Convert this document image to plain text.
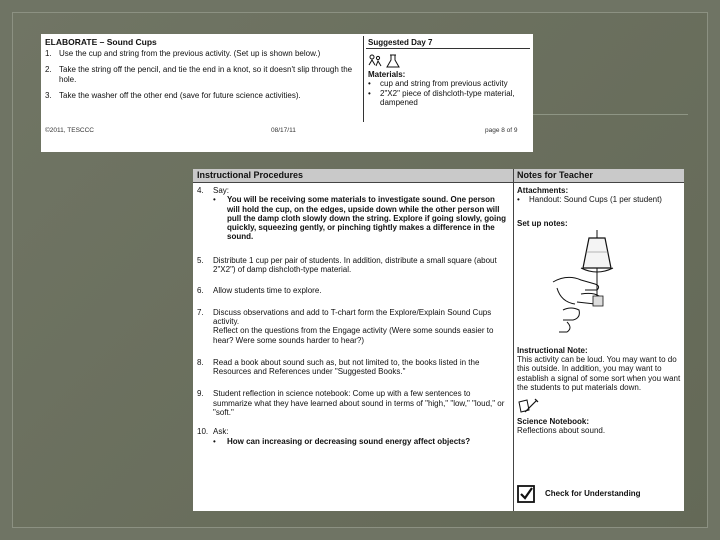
ELABORATE – Sound Cups
1. Use the cup and string from the previous activity. (Set up is shown below.)
2. Take the string off the pencil, and tie the end in a knot, so it doesn't slip through the hole.
3. Take the washer off the other end (save for future science activities).
Suggested Day 7
Materials:
•	cup and string from previous activity
•	2"X2" piece of dishcloth-type material, dampened
©2011, TESCCC	08/17/11	page 8 of 9
Instructional Procedures	Notes for Teacher
4.	Say:
•	You will be receiving some materials to investigate sound. One person will hold the cup, on the edges, upside down while the other person will pull the damp cloth slowly down the string. Explore if going slowly, going quickly, squeezing gently, or pinching tightly makes a difference in the sound.
5.	Distribute 1 cup per pair of students. In addition, distribute a small square (about 2"X2") of damp dishcloth-type material.
6.	Allow students time to explore.
7.	Discuss observations and add to T-chart form the Explore/Explain Sound Cups activity.
Reflect on the questions from the Engage activity (Were some sounds easier to hear? Were some sounds harder to hear?)
8.	Read a book about sound such as, but not limited to, the books listed in the Resources and References under "Suggested Books."
9.	Student reflection in science notebook: Come up with a few sentences to summarize what they have learned about sound in terms of "high," "low," "loud," or "soft."
10. Ask:
•	How can increasing or decreasing sound energy affect objects?
Attachments:
•	Handout: Sound Cups (1 per student)
Set up notes:
Instructional Note:
This activity can be loud. You may want to do this outside. In addition, you may want to establish a signal of some sort when you want the students to put materials down.
Science Notebook:
Reflections about sound.
Check for Understanding
